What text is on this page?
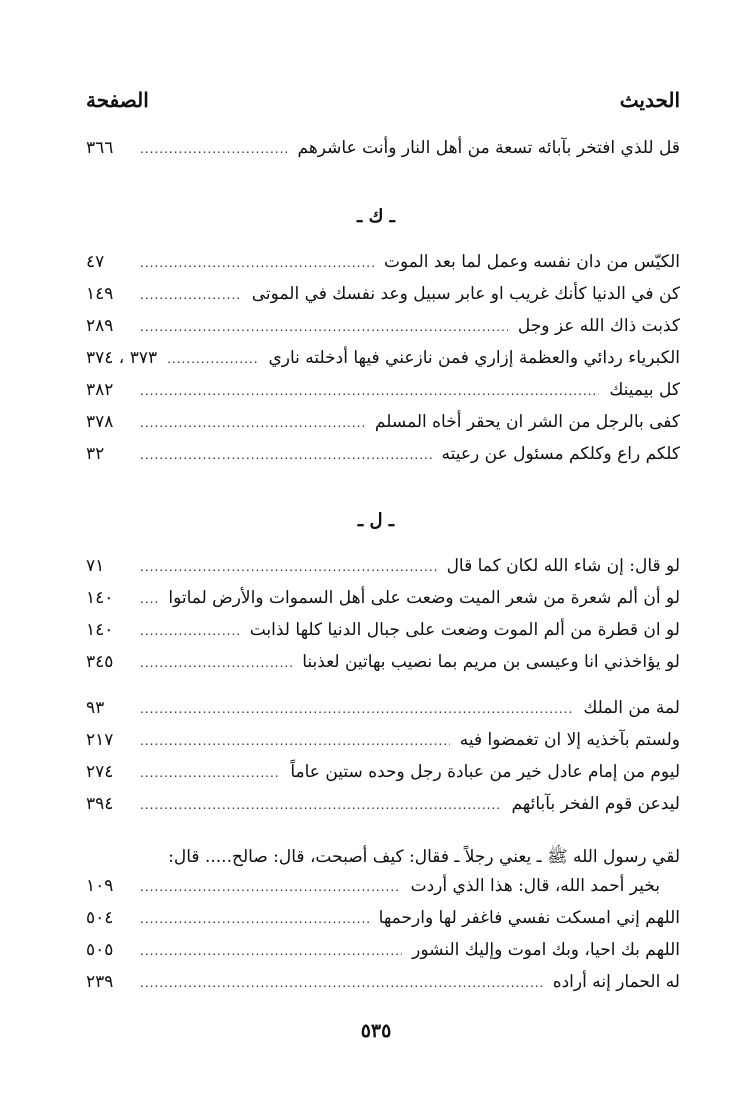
الحديث
الصفحة
قل للذي افتخر بآبائه تسعة من أهل النار وأنت عاشرهم
.....
٣٦٦
ـ ك ـ
الكيّس من دان نفسه وعمل لما بعد الموت
.....
٤٧
كن في الدنيا كأنك غريب او عابر سبيل وعد نفسك في الموتى
.....
١٤٩
كذبت ذاك الله عز وجل
.....
٢٨٩
الكبرياء ردائي والعظمة إزاري فمن نازعني فيها أدخلته ناري
.....
٣٧٣ ، ٣٧٤
كل بيمينك
.....
٣٨٢
كفى بالرجل من الشر ان يحقر أخاه المسلم
.....
٣٧٨
كلكم راع وكلكم مسئول عن رعيته
.....
٣٢
ـ ل ـ
لو قال: إن شاء الله لكان كما قال
.....
٧١
لو أن ألم شعرة من شعر الميت وضعت على أهل السموات والأرض لماتوا
.....
١٤٠
لو ان قطرة من ألم الموت وضعت على جبال الدنيا كلها لذابت
.....
١٤٠
لو يؤاخذني انا وعيسى بن مريم بما نصيب بهاتين لعذبنا
.....
٣٤٥
لمة من الملك
.....
٩٣
ولستم بآخذيه إلا ان تغمضوا فيه
.....
٢١٧
ليوم من إمام عادل خير من عبادة رجل وحده ستين عاماً
.....
٢٧٤
ليدعن قوم الفخر بآبائهم
.....
٣٩٤
لقي رسول الله ﷺ ـ يعني رجلاً ـ فقال: كيف أصبحت، قال: صالح..... قال:
بخير أحمد الله، قال: هذا الذي أردت
.....
١٠٩
اللهم إني امسكت نفسي فاغفر لها وارحمها
.....
٥٠٤
اللهم بك احيا، وبك اموت وإليك النشور
.....
٥٠٥
له الحمار إنه أراده
.....
٢٣٩
٥٣٥
